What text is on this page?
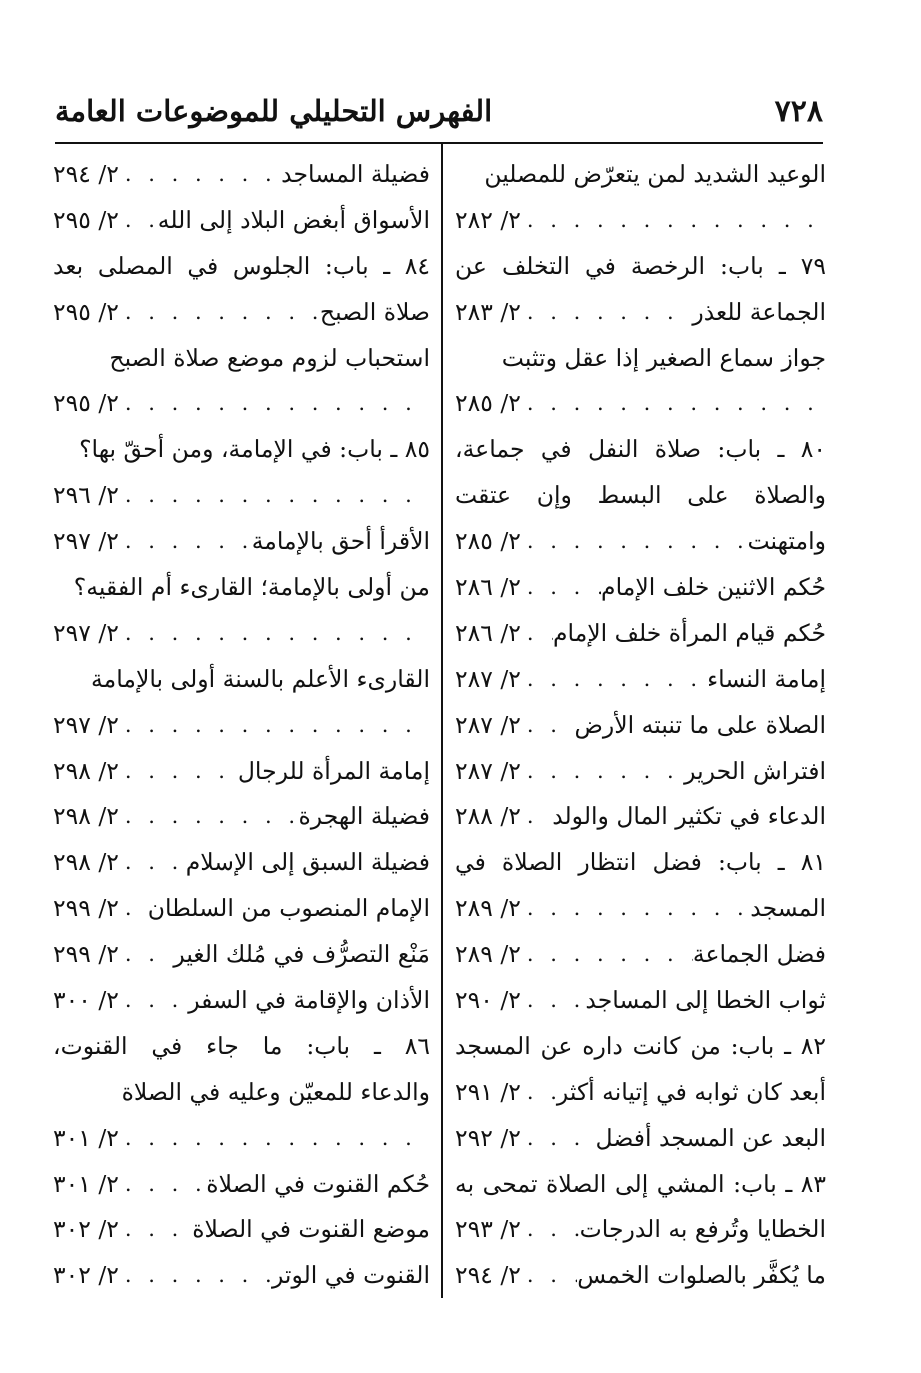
٧٢٨
الفهرس التحليلي للموضوعات العامة
الوعيد الشديد لمن يتعرّض للمصلين
. . .
٢/ ٢٨٢
٧٩ ـ باب: الرخصة في التخلف عن
الجماعة للعذر
. . .
٢/ ٢٨٣
جواز سماع الصغير إذا عقل وتثبت
. . .
٢/ ٢٨٥
٨٠ ـ باب: صلاة النفل في جماعة،
والصلاة على البسط وإن عتقت
وامتهنت
. . .
٢/ ٢٨٥
حُكم الاثنين خلف الإمام
. . .
٢/ ٢٨٦
حُكم قيام المرأة خلف الإمام
. . .
٢/ ٢٨٦
إمامة النساء
. . .
٢/ ٢٨٧
الصلاة على ما تنبته الأرض
. . .
٢/ ٢٨٧
افتراش الحرير
. . .
٢/ ٢٨٧
الدعاء في تكثير المال والولد
. . .
٢/ ٢٨٨
٨١ ـ باب: فضل انتظار الصلاة في
المسجد
. . .
٢/ ٢٨٩
فضل الجماعة
. . .
٢/ ٢٨٩
ثواب الخطا إلى المساجد
. . .
٢/ ٢٩٠
٨٢ ـ باب: من كانت داره عن المسجد
أبعد كان ثوابه في إتيانه أكثر
. . .
٢/ ٢٩١
البعد عن المسجد أفضل
. . .
٢/ ٢٩٢
٨٣ ـ باب: المشي إلى الصلاة تمحى به
الخطايا وتُرفع به الدرجات
. . .
٢/ ٢٩٣
ما يُكفَّر بالصلوات الخمس
. . .
٢/ ٢٩٤
فضيلة المساجد
. . .
٢/ ٢٩٤
الأسواق أبغض البلاد إلى الله
. . .
٢/ ٢٩٥
٨٤ ـ باب: الجلوس في المصلى بعد
صلاة الصبح
. . .
٢/ ٢٩٥
استحباب لزوم موضع صلاة الصبح
. . .
٢/ ٢٩٥
٨٥ ـ باب: في الإمامة، ومن أحقّ بها؟
. . .
٢/ ٢٩٦
الأقرأ أحق بالإمامة
. . .
٢/ ٢٩٧
من أولى بالإمامة؛ القارىء أم الفقيه؟
. . .
٢/ ٢٩٧
القارىء الأعلم بالسنة أولى بالإمامة
. . .
٢/ ٢٩٧
إمامة المرأة للرجال
. . .
٢/ ٢٩٨
فضيلة الهجرة
. . .
٢/ ٢٩٨
فضيلة السبق إلى الإسلام
. . .
٢/ ٢٩٨
الإمام المنصوب من السلطان
. . .
٢/ ٢٩٩
مَنْع التصرُّف في مُلك الغير
. . .
٢/ ٢٩٩
الأذان والإقامة في السفر
. . .
٢/ ٣٠٠
٨٦ ـ باب: ما جاء في القنوت،
والدعاء للمعيّن وعليه في الصلاة
. . .
٢/ ٣٠١
حُكم القنوت في الصلاة
. . .
٢/ ٣٠١
موضع القنوت في الصلاة
. . .
٢/ ٣٠٢
القنوت في الوتر
. . .
٢/ ٣٠٢
